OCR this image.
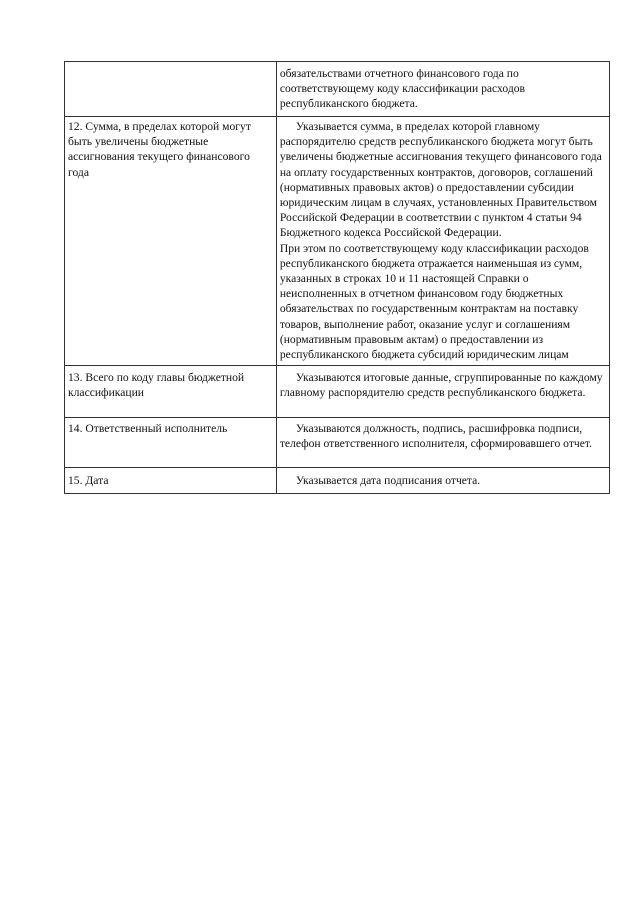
	обязательствами отчетного финансового года по соответствующему коду классификации расходов республиканского бюджета.

12. Сумма, в пределах которой могут быть увеличены бюджетные ассигнования текущего финансового года	Указывается сумма, в пределах которой главному распорядителю средств республиканского бюджета могут быть увеличены бюджетные ассигнования текущего финансового года на оплату государственных контрактов, договоров, соглашений (нормативных правовых актов) о предоставлении субсидии юридическим лицам в случаях, установленных Правительством Российской Федерации в соответствии с пунктом 4 статьи 94 Бюджетного кодекса Российской Федерации.
При этом по соответствующему коду классификации расходов республиканского бюджета отражается наименьшая из сумм, указанных в строках 10 и 11 настоящей Справки о неисполненных в отчетном финансовом году бюджетных обязательствах по государственным контрактам на поставку товаров, выполнение работ, оказание услуг и соглашениям (нормативным правовым актам) о предоставлении из республиканского бюджета субсидий юридическим лицам

13. Всего по коду главы бюджетной классификации	Указываются итоговые данные, сгруппированные по каждому главному распорядителю средств республиканского бюджета.

14. Ответственный исполнитель	Указываются должность, подпись, расшифровка подписи, телефон ответственного исполнителя, сформировавшего отчет.

15. Дата	Указывается дата подписания отчета.
